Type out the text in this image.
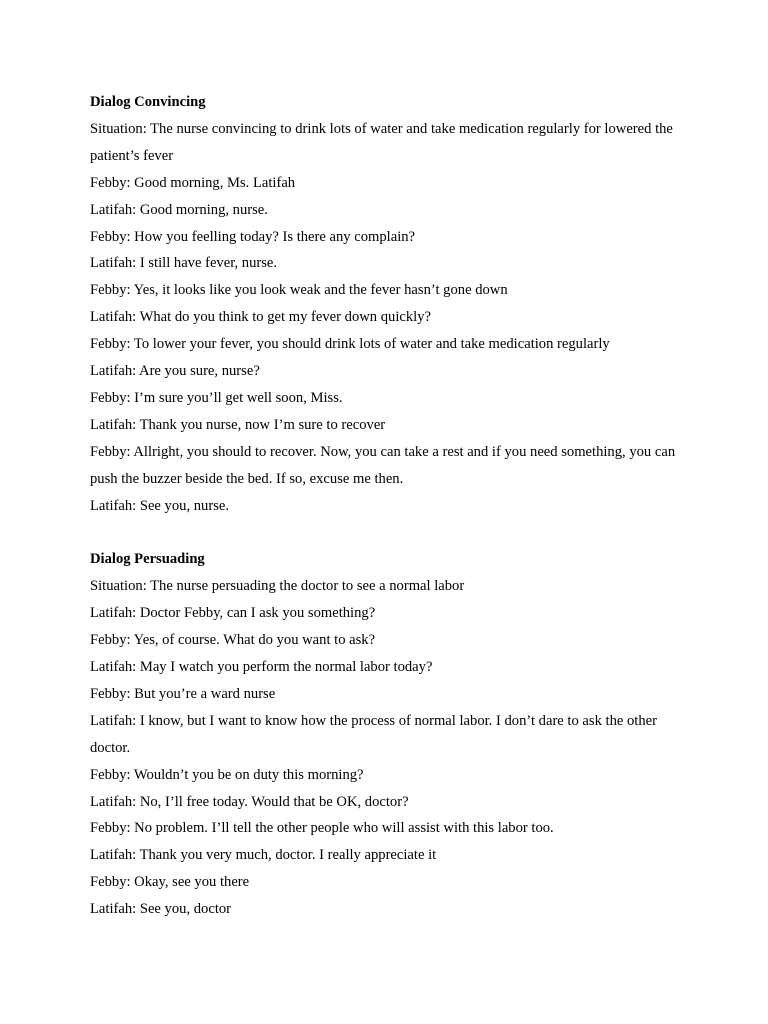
Dialog Convincing

Situation: The nurse convincing to drink lots of water and take medication regularly for lowered the patient’s fever

Febby: Good morning, Ms. Latifah

Latifah: Good morning, nurse.

Febby: How you feelling today? Is there any complain?

Latifah: I still have fever, nurse.

Febby: Yes, it looks like you look weak and the fever hasn’t gone down

Latifah: What do you think to get my fever down quickly?

Febby: To lower your fever, you should drink lots of water and take medication regularly

Latifah: Are you sure, nurse?

Febby: I’m sure you’ll get well soon, Miss.

Latifah: Thank you nurse, now I’m sure to recover

Febby: Allright, you should to recover. Now, you can take a rest and if you need something, you can push the buzzer beside the bed. If so, excuse me then.

Latifah: See you, nurse.

Dialog Persuading

Situation: The nurse persuading the doctor to see a normal labor

Latifah: Doctor Febby, can I ask you something?

Febby: Yes, of course. What do you want to ask?

Latifah: May I watch you perform the normal labor today?

Febby: But you’re a ward nurse

Latifah: I know, but I want to know how the process of normal labor. I don’t dare to ask the other doctor.

Febby: Wouldn’t you be on duty this morning?

Latifah: No, I’ll free today. Would that be OK, doctor?

Febby: No problem. I’ll tell the other people who will assist with this labor too.

Latifah: Thank you very much, doctor. I really appreciate it

Febby: Okay, see you there

Latifah: See you, doctor
